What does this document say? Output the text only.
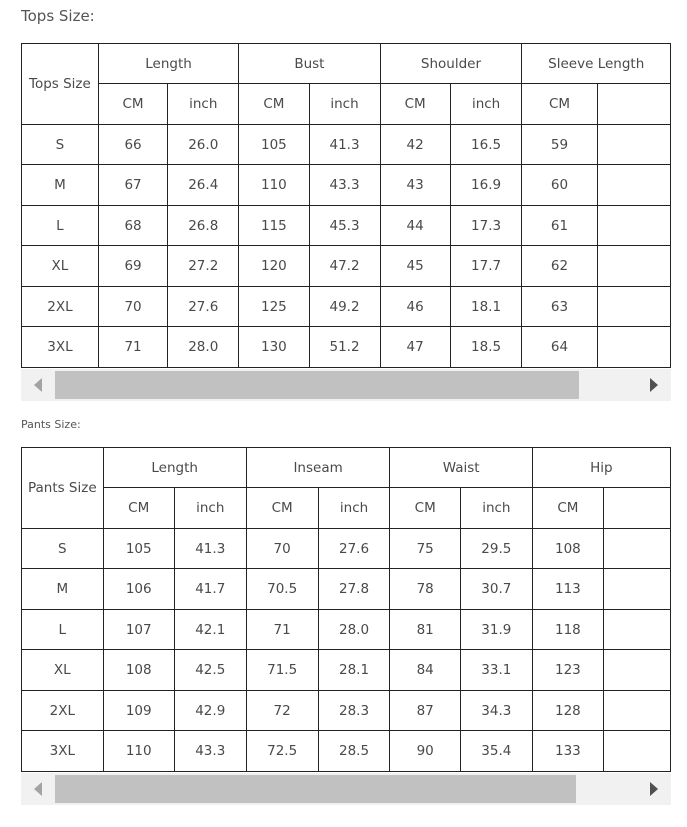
Tops Size:
Tops Size	Length		Bust		Shoulder		Sleeve Length	
	CM	inch	CM	inch	CM	inch	CM	
S	66	26.0	105	41.3	42	16.5	59	
M	67	26.4	110	43.3	43	16.9	60	
L	68	26.8	115	45.3	44	17.3	61	
XL	69	27.2	120	47.2	45	17.7	62	
2XL	70	27.6	125	49.2	46	18.1	63	
3XL	71	28.0	130	51.2	47	18.5	64	
Pants Size:
Pants Size	Length		Inseam		Waist		Hip	
	CM	inch	CM	inch	CM	inch	CM	
S	105	41.3	70	27.6	75	29.5	108	
M	106	41.7	70.5	27.8	78	30.7	113	
L	107	42.1	71	28.0	81	31.9	118	
XL	108	42.5	71.5	28.1	84	33.1	123	
2XL	109	42.9	72	28.3	87	34.3	128	
3XL	110	43.3	72.5	28.5	90	35.4	133	
